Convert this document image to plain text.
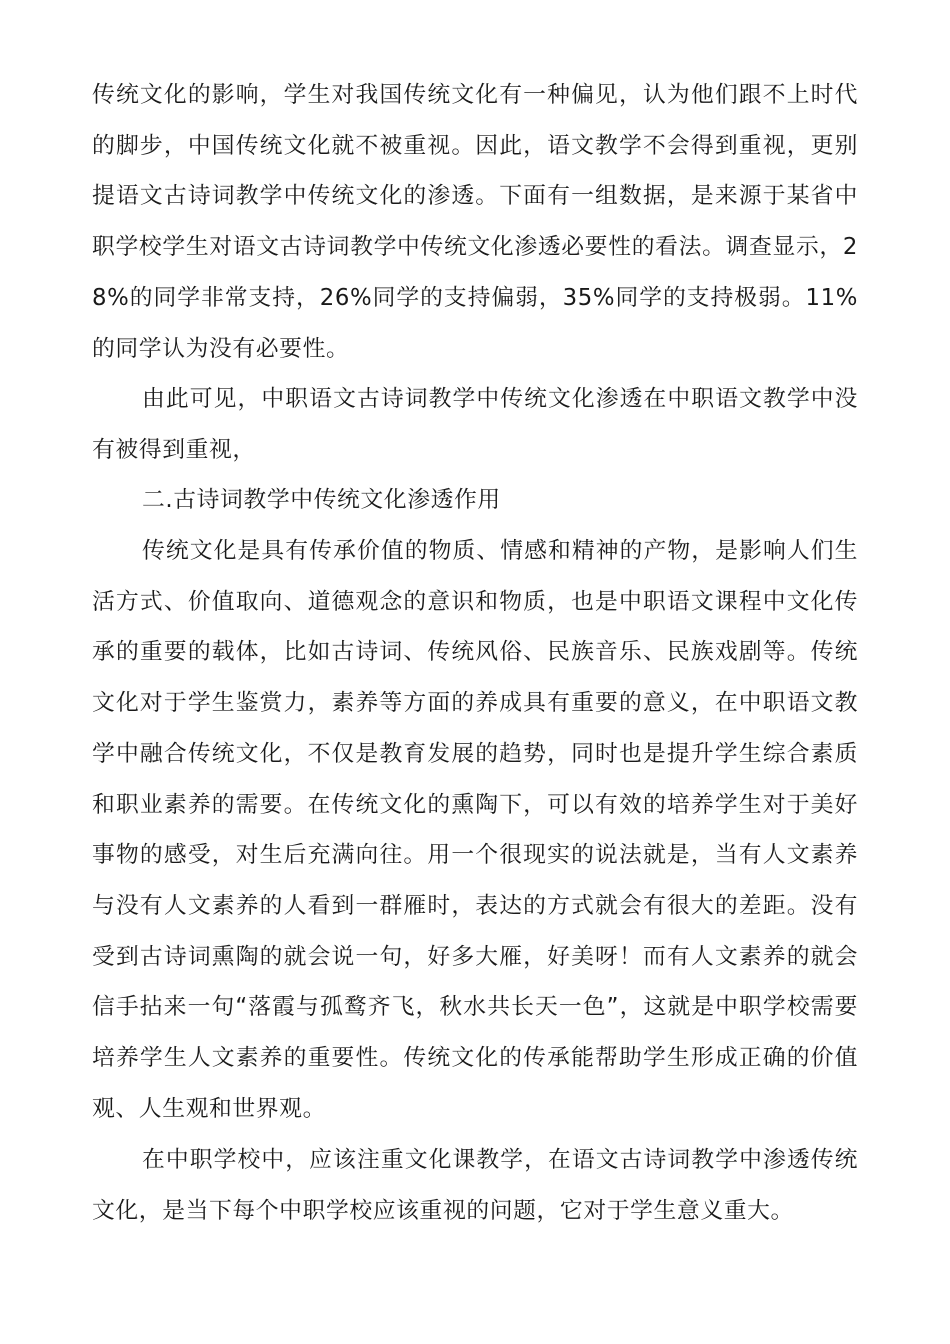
传统文化的影响，学生对我国传统文化有一种偏见，认为他们跟不上时代的脚步，中国传统文化就不被重视。因此，语文教学不会得到重视，更别提语文古诗词教学中传统文化的渗透。下面有一组数据，是来源于某省中职学校学生对语文古诗词教学中传统文化渗透必要性的看法。调查显示，28%的同学非常支持，26%同学的支持偏弱，35%同学的支持极弱。11%的同学认为没有必要性。

由此可见，中职语文古诗词教学中传统文化渗透在中职语文教学中没有被得到重视，

二.古诗词教学中传统文化渗透作用

传统文化是具有传承价值的物质、情感和精神的产物，是影响人们生活方式、价值取向、道德观念的意识和物质，也是中职语文课程中文化传承的重要的载体，比如古诗词、传统风俗、民族音乐、民族戏剧等。传统文化对于学生鉴赏力，素养等方面的养成具有重要的意义，在中职语文教学中融合传统文化，不仅是教育发展的趋势，同时也是提升学生综合素质和职业素养的需要。在传统文化的熏陶下，可以有效的培养学生对于美好事物的感受，对生后充满向往。用一个很现实的说法就是，当有人文素养与没有人文素养的人看到一群雁时，表达的方式就会有很大的差距。没有受到古诗词熏陶的就会说一句，好多大雁，好美呀！而有人文素养的就会信手拈来一句“落霞与孤鹜齐飞，秋水共长天一色”，这就是中职学校需要培养学生人文素养的重要性。传统文化的传承能帮助学生形成正确的价值观、人生观和世界观。

在中职学校中，应该注重文化课教学，在语文古诗词教学中渗透传统文化，是当下每个中职学校应该重视的问题，它对于学生意义重大。
